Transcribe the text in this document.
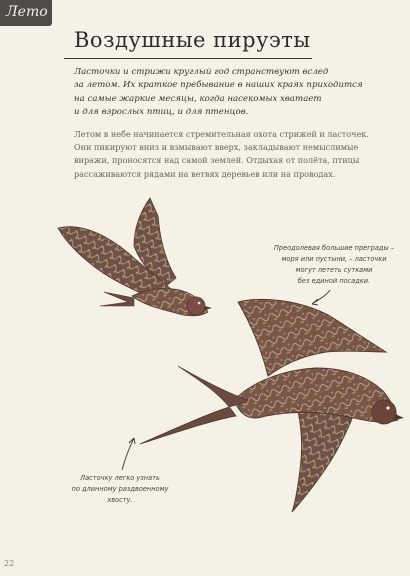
Лето
Воздушные пируэты

Ласточки и стрижи круглый год странствуют вслед
за летом. Их краткое пребывание в наших краях приходится
на самые жаркие месяцы, когда насекомых хватает
и для взрослых птиц, и для птенцов.

Летом в небе начинается стремительная охота стрижей и ласточек.
Они пикируют вниз и взмывают вверх, закладывают немыслимые
виражи, проносятся над самой землей. Отдыхая от полёта, птицы
рассаживаются рядами на ветвях деревьев или на проводах.

Преодолевая большие преграды –
моря или пустыни, – ласточки
могут лететь сутками
без единой посадки.

Ласточку легко узнать
по длинному раздвоенному
хвосту.

22
